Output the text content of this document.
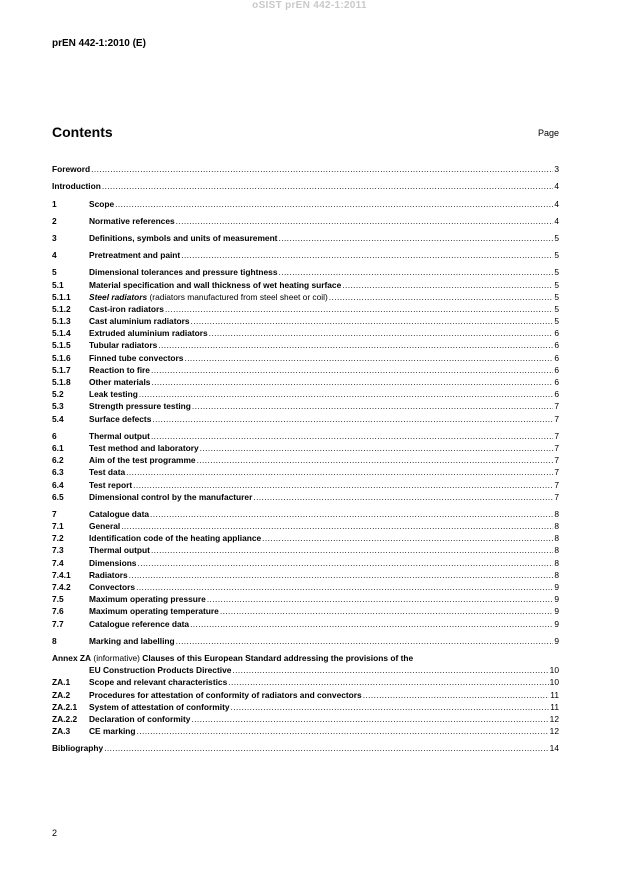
oSIST prEN 442-1:2011
prEN 442-1:2010 (E)
Contents	Page
Foreword .....	3
Introduction .....	4
1	Scope .....	4
2	Normative references .....	4
3	Definitions, symbols and units of measurement .....	5
4	Pretreatment and paint .....	5
5	Dimensional tolerances and pressure tightness .....	5
5.1	Material specification and wall thickness of wet heating surface .....	5
5.1.1	Steel radiators (radiators manufactured from steel sheet or coil) .....	5
5.1.2	Cast-iron radiators .....	5
5.1.3	Cast aluminium radiators .....	5
5.1.4	Extruded aluminium radiators .....	6
5.1.5	Tubular radiators .....	6
5.1.6	Finned tube convectors .....	6
5.1.7	Reaction to fire .....	6
5.1.8	Other materials .....	6
5.2	Leak testing .....	6
5.3	Strength pressure testing .....	7
5.4	Surface defects .....	7
6	Thermal output .....	7
6.1	Test method and laboratory .....	7
6.2	Aim of the test programme .....	7
6.3	Test data .....	7
6.4	Test report .....	7
6.5	Dimensional control by the manufacturer .....	7
7	Catalogue data .....	8
7.1	General .....	8
7.2	Identification code of the heating appliance .....	8
7.3	Thermal output .....	8
7.4	Dimensions .....	8
7.4.1	Radiators .....	8
7.4.2	Convectors .....	9
7.5	Maximum operating pressure .....	9
7.6	Maximum operating temperature .....	9
7.7	Catalogue reference data .....	9
8	Marking and labelling .....	9
Annex ZA (informative) Clauses of this European Standard addressing the provisions of the
EU Construction Products Directive .....	10
ZA.1	Scope and relevant characteristics .....	10
ZA.2	Procedures for attestation of conformity of radiators and convectors .....	11
ZA.2.1	System of attestation of conformity .....	11
ZA.2.2	Declaration of conformity .....	12
ZA.3	CE marking .....	12
Bibliography .....	14
2
